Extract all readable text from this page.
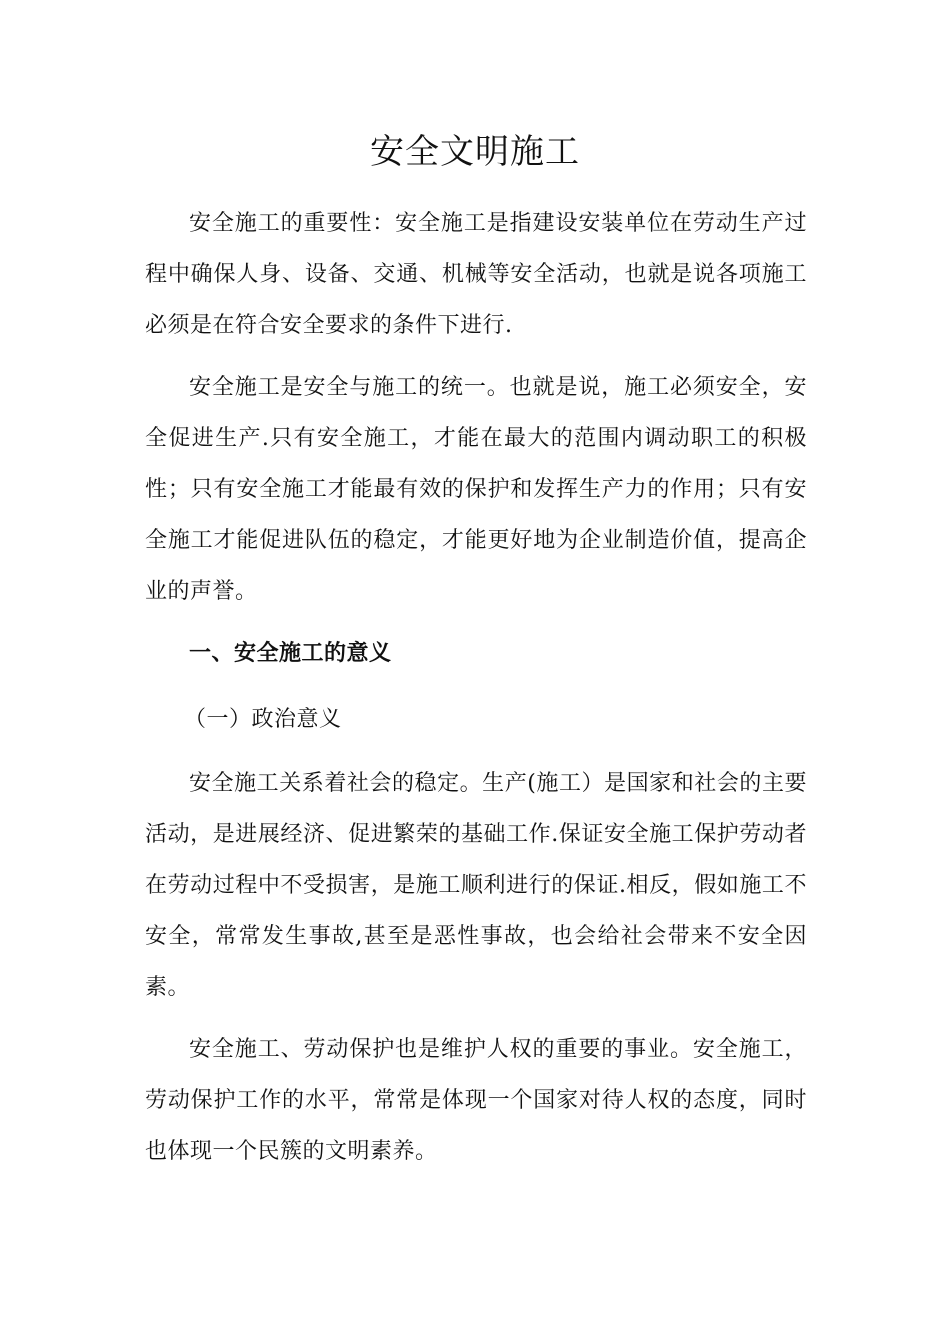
安全文明施工

安全施工的重要性：安全施工是指建设安装单位在劳动生产过程中确保人身、设备、交通、机械等安全活动，也就是说各项施工必须是在符合安全要求的条件下进行.

安全施工是安全与施工的统一。也就是说，施工必须安全，安全促进生产.只有安全施工，才能在最大的范围内调动职工的积极性；只有安全施工才能最有效的保护和发挥生产力的作用；只有安全施工才能促进队伍的稳定，才能更好地为企业制造价值，提高企业的声誉。

一、安全施工的意义
（一）政治意义

安全施工关系着社会的稳定。生产(施工）是国家和社会的主要活动，是进展经济、促进繁荣的基础工作.保证安全施工保护劳动者在劳动过程中不受损害，是施工顺利进行的保证.相反，假如施工不安全，常常发生事故,甚至是恶性事故，也会给社会带来不安全因素。

安全施工、劳动保护也是维护人权的重要的事业。安全施工，劳动保护工作的水平，常常是体现一个国家对待人权的态度，同时也体现一个民簇的文明素养。
